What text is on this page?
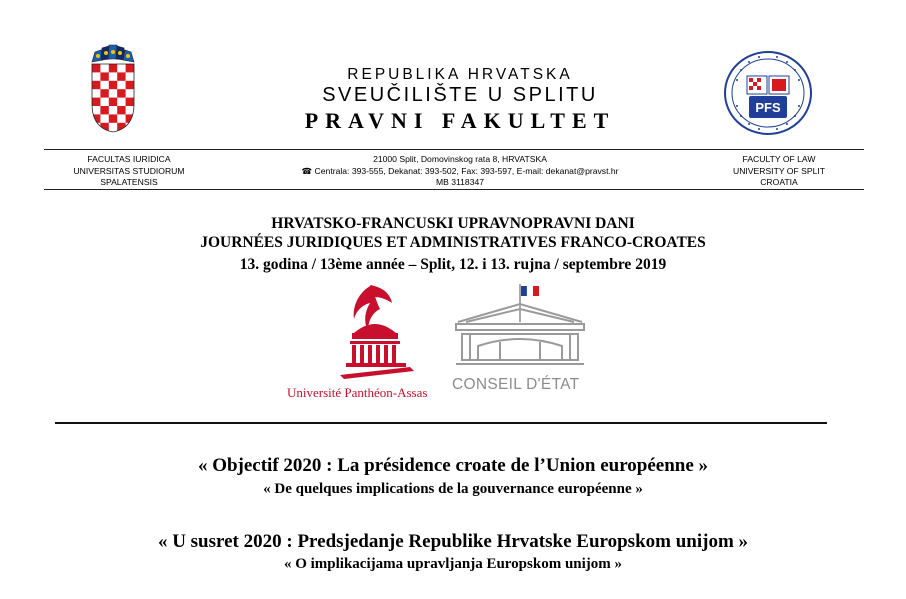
REPUBLIKA HRVATSKA
SVEUČILIŠTE U SPLITU
PRAVNI FAKULTET
PFS
FACULTAS IURIDICA
UNIVERSITAS STUDIORUM
SPALATENSIS
21000 Split, Domovinskog rata 8, HRVATSKA
☎ Centrala: 393-555, Dekanat: 393-502, Fax: 393-597, E-mail: dekanat@pravst.hr
MB 3118347
FACULTY OF LAW
UNIVERSITY OF SPLIT
CROATIA
HRVATSKO-FRANCUSKI UPRAVNOPRAVNI DANI
JOURNÉES JURIDIQUES ET ADMINISTRATIVES FRANCO-CROATES
13. godina / 13ème année – Split, 12. i 13. rujna / septembre 2019
Université Panthéon-Assas CONSEIL D'ÉTAT
« Objectif 2020 : La présidence croate de l’Union européenne »
« De quelques implications de la gouvernance européenne »
« U susret 2020 : Predsjedanje Republike Hrvatske Europskom unijom »
« O implikacijama upravljanja Europskom unijom »
